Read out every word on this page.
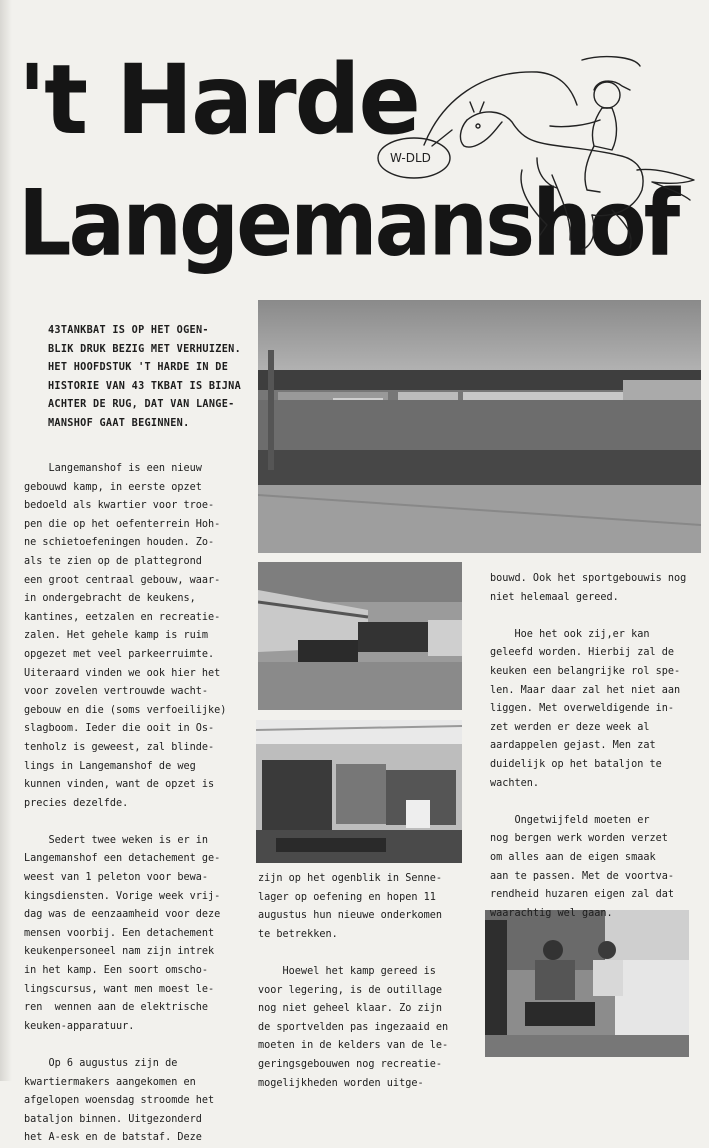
't Harde
Langemanshof
W-DLD

43TANKBAT IS OP HET OGEN-

BLIK DRUK BEZIG MET VERHUIZEN.

HET HOOFDSTUK 'T HARDE IN DE

HISTORIE VAN 43 TKBAT IS BIJNA

ACHTER DE RUG, DAT VAN LANGE-

MANSHOF GAAT BEGINNEN.

Langemanshof is een nieuw

gebouwd kamp, in eerste opzet

bedoeld als kwartier voor troe-

pen die op het oefenterrein Hoh-

ne schietoefeningen houden. Zo-

als te zien op de plattegrond

een groot centraal gebouw, waar-

in ondergebracht de keukens,

kantines, eetzalen en recreatie-

zalen. Het gehele kamp is ruim

opgezet met veel parkeerruimte.

Uiteraard vinden we ook hier het

voor zovelen vertrouwde wacht-

gebouw en die (soms verfoeilijke)

slagboom. Ieder die ooit in Os-

tenholz is geweest, zal blinde-

lings in Langemanshof de weg

kunnen vinden, want de opzet is

precies dezelfde.

Sedert twee weken is er in

Langemanshof een detachement ge-

weest van 1 peleton voor bewa-

kingsdiensten. Vorige week vrij-

dag was de eenzaamheid voor deze

mensen voorbij. Een detachement

keukenpersoneel nam zijn intrek

in het kamp. Een soort omscho-

lingscursus, want men moest le-

ren  wennen aan de elektrische

keuken-apparatuur.

Op 6 augustus zijn de

kwartiermakers aangekomen en

afgelopen woensdag stroomde het

bataljon binnen. Uitgezonderd

het A-esk en de batstaf. Deze

zijn op het ogenblik in Senne-

lager op oefening en hopen 11

augustus hun nieuwe onderkomen

te betrekken.

Hoewel het kamp gereed is

voor legering, is de outillage

nog niet geheel klaar. Zo zijn

de sportvelden pas ingezaaid en

moeten in de kelders van de le-

geringsgebouwen nog recreatie-

mogelijkheden worden uitge-

bouwd. Ook het sportgebouwis nog

niet helemaal gereed.

Hoe het ook zij,er kan

geleefd worden. Hierbij zal de

keuken een belangrijke rol spe-

len. Maar daar zal het niet aan

liggen. Met overweldigende in-

zet werden er deze week al

aardappelen gejast. Men zat

duidelijk op het bataljon te

wachten.

Ongetwijfeld moeten er

nog bergen werk worden verzet

om alles aan de eigen smaak

aan te passen. Met de voortva-

rendheid huzaren eigen zal dat

waarachtig wel gaan.
